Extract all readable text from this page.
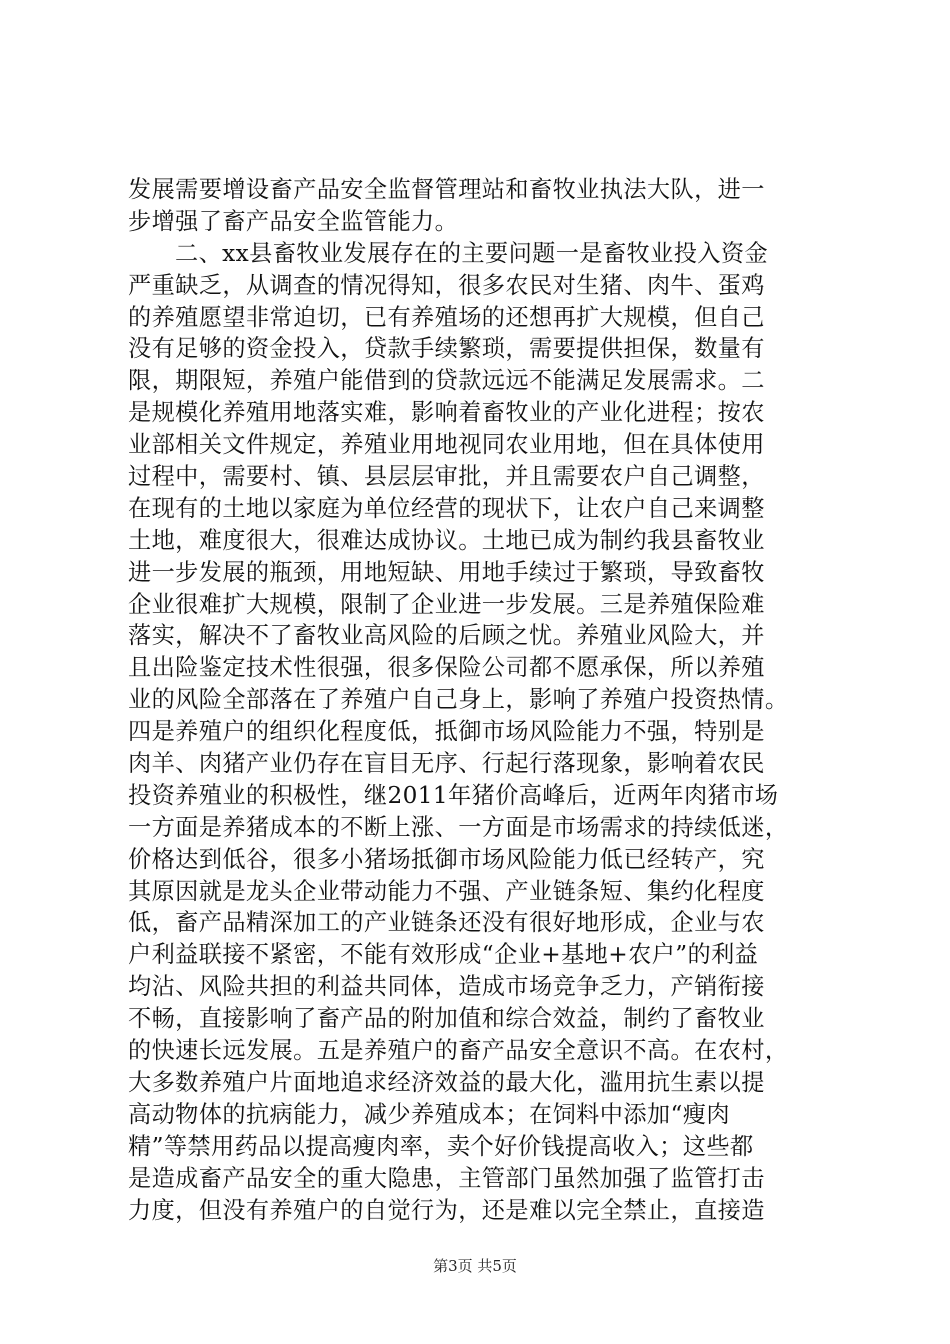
发展需要增设畜产品安全监督管理站和畜牧业执法大队，进一
步增强了畜产品安全监管能力。
二、xx县畜牧业发展存在的主要问题一是畜牧业投入资金
严重缺乏，从调查的情况得知，很多农民对生猪、肉牛、蛋鸡
的养殖愿望非常迫切，已有养殖场的还想再扩大规模，但自己
没有足够的资金投入，贷款手续繁琐，需要提供担保，数量有
限，期限短，养殖户能借到的贷款远远不能满足发展需求。二
是规模化养殖用地落实难，影响着畜牧业的产业化进程；按农
业部相关文件规定，养殖业用地视同农业用地，但在具体使用
过程中，需要村、镇、县层层审批，并且需要农户自己调整，
在现有的土地以家庭为单位经营的现状下，让农户自己来调整
土地，难度很大，很难达成协议。土地已成为制约我县畜牧业
进一步发展的瓶颈，用地短缺、用地手续过于繁琐，导致畜牧
企业很难扩大规模，限制了企业进一步发展。三是养殖保险难
落实，解决不了畜牧业高风险的后顾之忧。养殖业风险大，并
且出险鉴定技术性很强，很多保险公司都不愿承保，所以养殖
业的风险全部落在了养殖户自己身上，影响了养殖户投资热情。
四是养殖户的组织化程度低，抵御市场风险能力不强，特别是
肉羊、肉猪产业仍存在盲目无序、行起行落现象，影响着农民
投资养殖业的积极性，继2011年猪价高峰后，近两年肉猪市场
一方面是养猪成本的不断上涨、一方面是市场需求的持续低迷，
价格达到低谷，很多小猪场抵御市场风险能力低已经转产，究
其原因就是龙头企业带动能力不强、产业链条短、集约化程度
低，畜产品精深加工的产业链条还没有很好地形成，企业与农
户利益联接不紧密，不能有效形成“企业+基地+农户”的利益
均沾、风险共担的利益共同体，造成市场竞争乏力，产销衔接
不畅，直接影响了畜产品的附加值和综合效益，制约了畜牧业
的快速长远发展。五是养殖户的畜产品安全意识不高。在农村，
大多数养殖户片面地追求经济效益的最大化，滥用抗生素以提
高动物体的抗病能力，减少养殖成本；在饲料中添加“瘦肉
精”等禁用药品以提高瘦肉率，卖个好价钱提高收入；这些都
是造成畜产品安全的重大隐患，主管部门虽然加强了监管打击
力度，但没有养殖户的自觉行为，还是难以完全禁止，直接造
第3页 共5页
